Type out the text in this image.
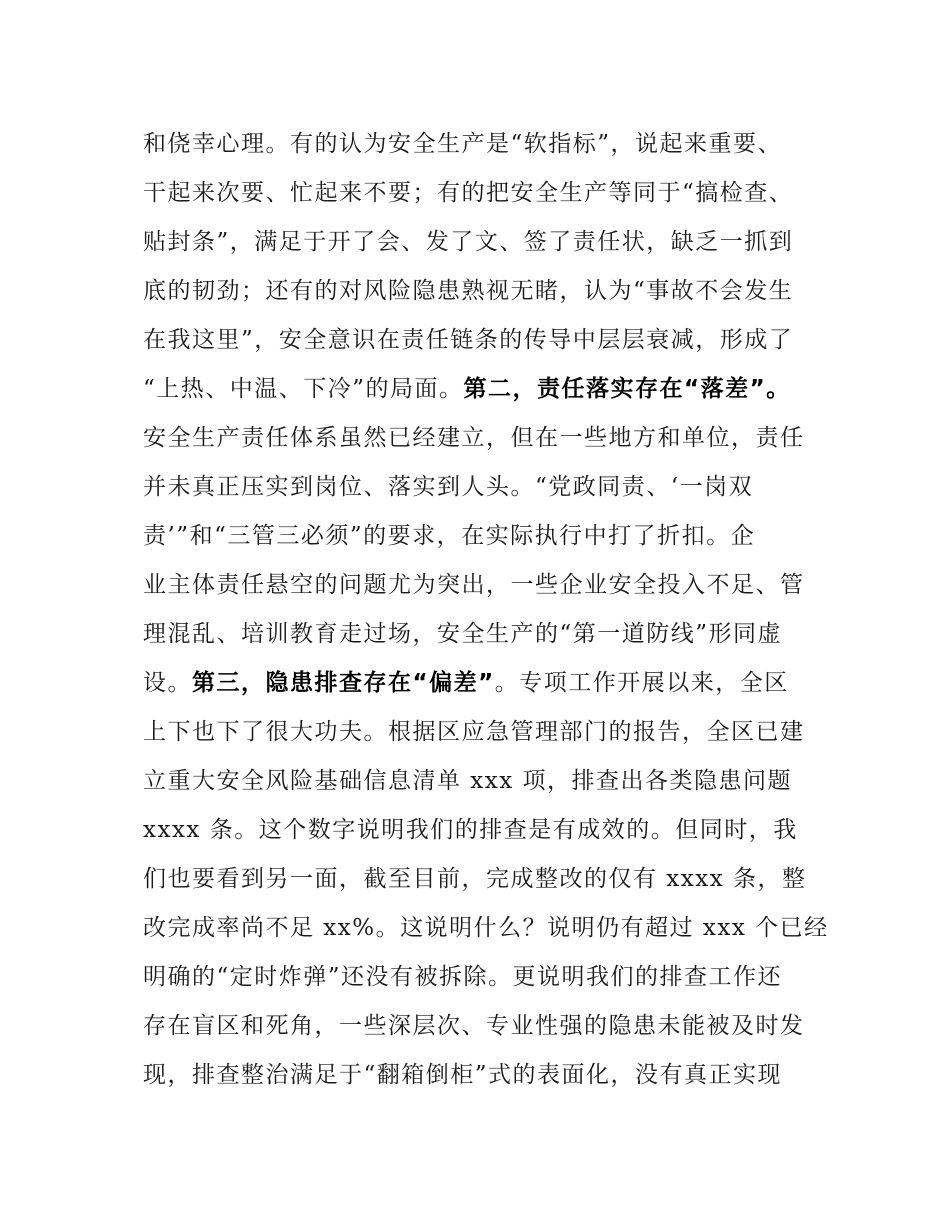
和侥幸心理。有的认为安全生产是“软指标”，说起来重要、
干起来次要、忙起来不要；有的把安全生产等同于“搞检查、
贴封条”，满足于开了会、发了文、签了责任状，缺乏一抓到
底的韧劲；还有的对风险隐患熟视无睹，认为“事故不会发生
在我这里”，安全意识在责任链条的传导中层层衰减，形成了
“上热、中温、下冷”的局面。第二，责任落实存在“落差”。
安全生产责任体系虽然已经建立，但在一些地方和单位，责任
并未真正压实到岗位、落实到人头。“党政同责、‘一岗双
责’”和“三管三必须”的要求，在实际执行中打了折扣。企
业主体责任悬空的问题尤为突出，一些企业安全投入不足、管
理混乱、培训教育走过场，安全生产的“第一道防线”形同虚
设。第三，隐患排查存在“偏差”。专项工作开展以来，全区
上下也下了很大功夫。根据区应急管理部门的报告，全区已建
立重大安全风险基础信息清单 xxx 项，排查出各类隐患问题
xxxx 条。这个数字说明我们的排查是有成效的。但同时，我
们也要看到另一面，截至目前，完成整改的仅有 xxxx 条，整
改完成率尚不足 xx%。这说明什么？说明仍有超过 xxx 个已经
明确的“定时炸弹”还没有被拆除。更说明我们的排查工作还
存在盲区和死角，一些深层次、专业性强的隐患未能被及时发
现，排查整治满足于“翻箱倒柜”式的表面化，没有真正实现
